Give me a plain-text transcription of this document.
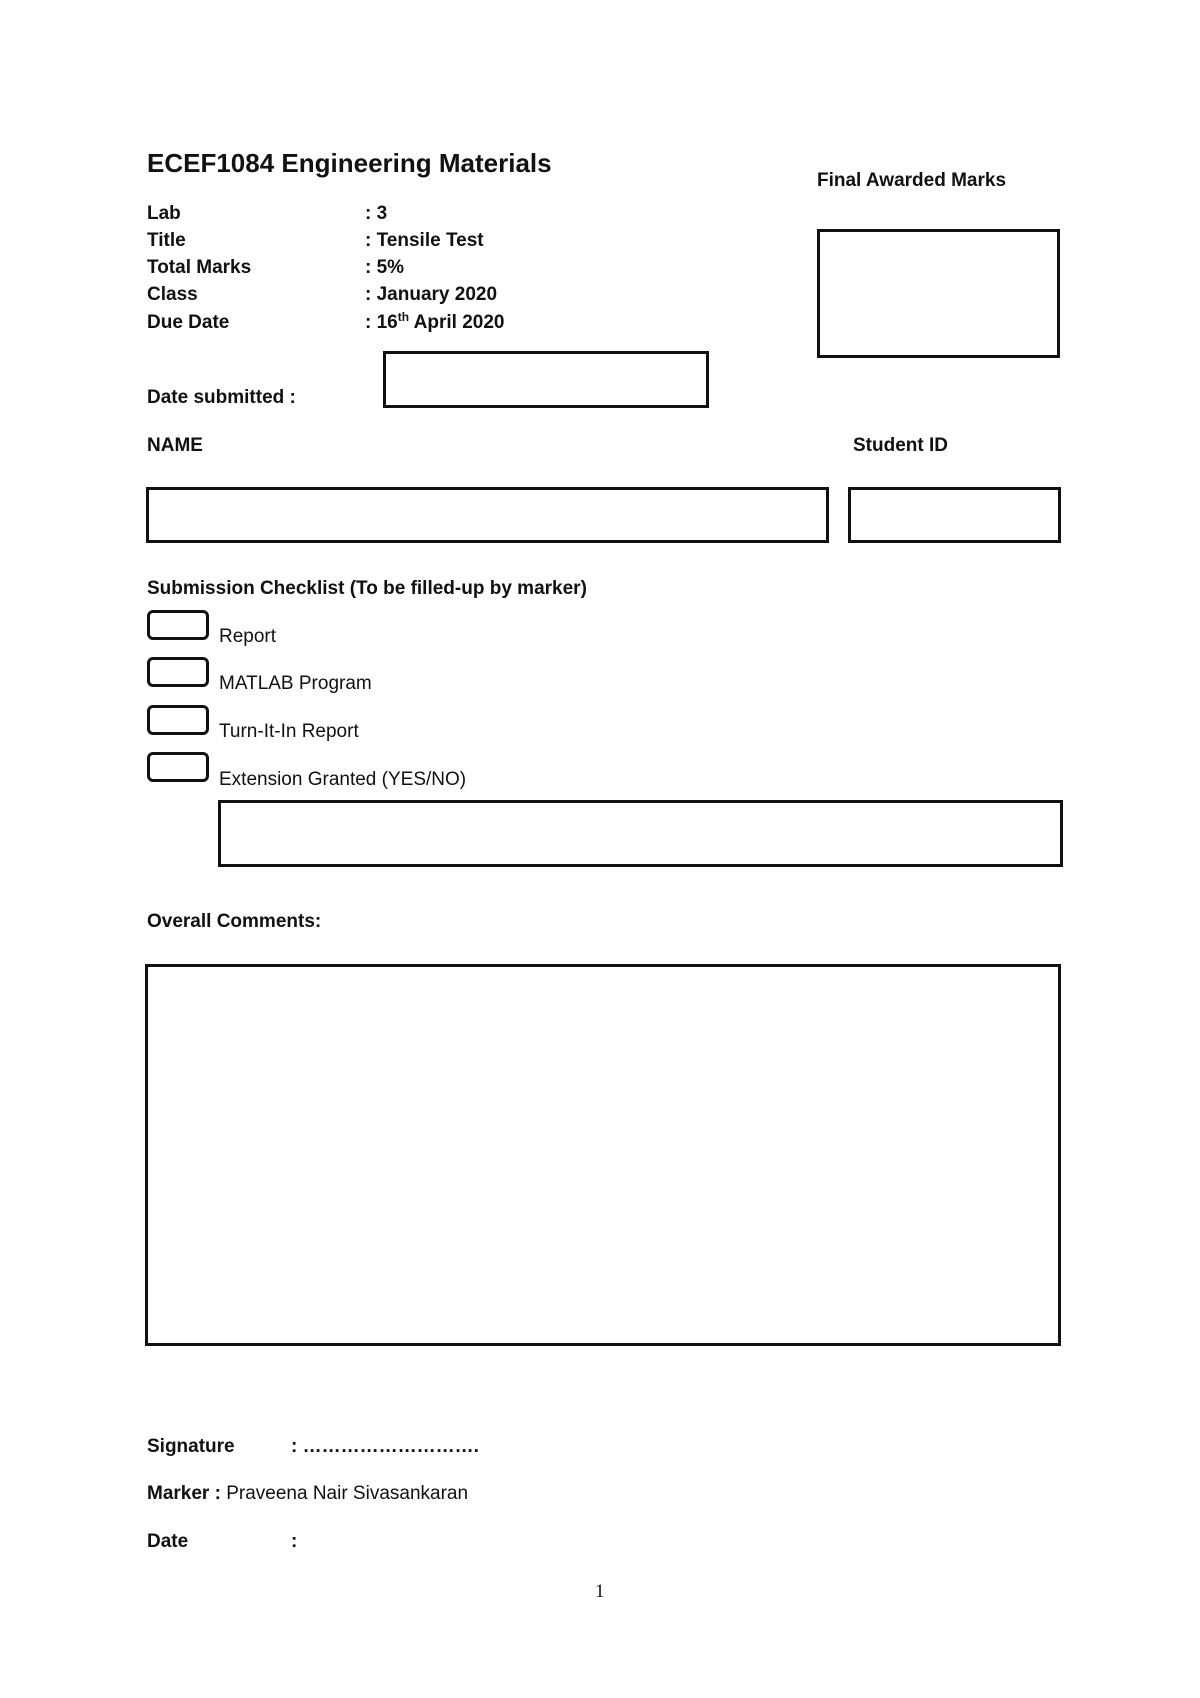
ECEF1084 Engineering Materials
Final Awarded Marks
Lab	: 3
Title	: Tensile Test
Total Marks	: 5%
Class	: January 2020
Due Date	: 16th April 2020
Date submitted :
NAME	Student ID
Submission Checklist (To be filled-up by marker)
Report
MATLAB Program
Turn-It-In Report
Extension Granted (YES/NO)
Overall Comments:
Signature	: ……………………….
Marker : Praveena Nair Sivasankaran
Date	:
1
